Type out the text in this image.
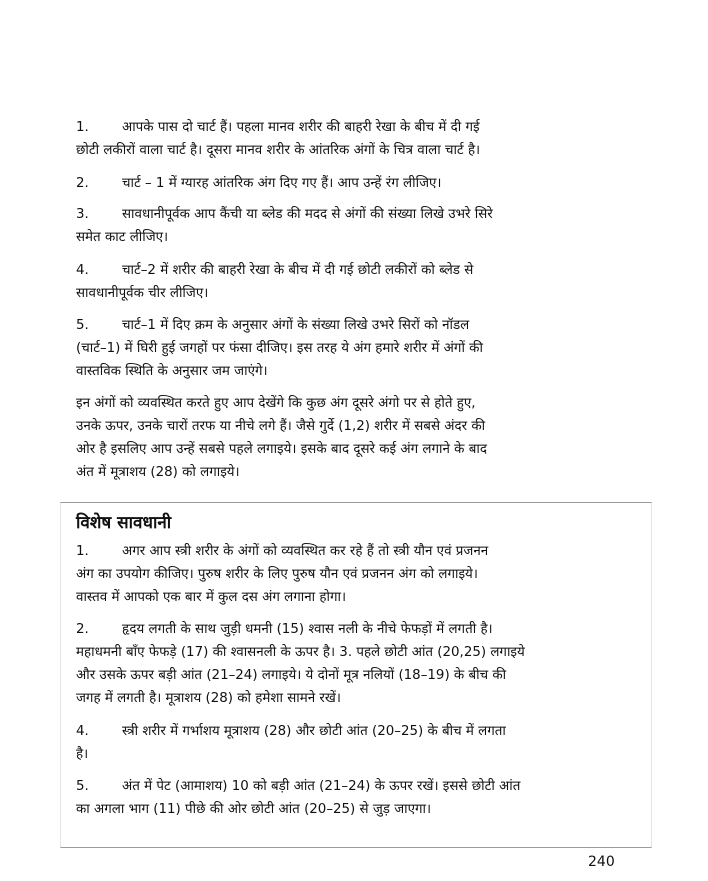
1. आपके पास दो चार्ट हैं। पहला मानव शरीर की बाहरी रेखा के बीच में दी गई
छोटी लकीरों वाला चार्ट है। दूसरा मानव शरीर के आंतरिक अंगों के चित्र वाला चार्ट है।

2. चार्ट – 1 में ग्यारह आंतरिक अंग दिए गए हैं। आप उन्हें रंग लीजिए।

3. सावधानीपूर्वक आप कैंची या ब्लेड की मदद से अंगों की संख्या लिखे उभरे सिरे
समेत काट लीजिए।

4. चार्ट–2 में शरीर की बाहरी रेखा के बीच में दी गई छोटी लकीरों को ब्लेड से
सावधानीपूर्वक चीर लीजिए।

5. चार्ट–1 में दिए क्रम के अनुसार अंगों के संख्या लिखे उभरे सिरों को नॉडल
(चार्ट–1) में घिरी हुई जगहों पर फंसा दीजिए। इस तरह ये अंग हमारे शरीर में अंगों की
वास्तविक स्थिति के अनुसार जम जाएंगे।

इन अंगों को व्यवस्थित करते हुए आप देखेंगे कि कुछ अंग दूसरे अंगो पर से होते हुए,
उनके ऊपर, उनके चारों तरफ या नीचे लगे हैं। जैसे गुर्दे (1,2) शरीर में सबसे अंदर की
ओर है इसलिए आप उन्हें सबसे पहले लगाइये। इसके बाद दूसरे कई अंग लगाने के बाद
अंत में मूत्राशय (28) को लगाइये।

विशेष सावधानी

1. अगर आप स्त्री शरीर के अंगों को व्यवस्थित कर रहे हैं तो स्त्री यौन एवं प्रजनन
अंग का उपयोग कीजिए। पुरुष शरीर के लिए पुरुष यौन एवं प्रजनन अंग को लगाइये।
वास्तव में आपको एक बार में कुल दस अंग लगाना होगा।

2. हृदय लगती के साथ जुड़ी धमनी (15) श्वास नली के नीचे फेफड़ों में लगती है।
महाधमनी बाँए फेफड़े (17) की श्वासनली के ऊपर है। 3. पहले छोटी आंत (20,25) लगाइये
और उसके ऊपर बड़ी आंत (21–24) लगाइये। ये दोनों मूत्र नलियों (18–19) के बीच की
जगह में लगती है। मूत्राशय (28) को हमेशा सामने रखें।

4. स्त्री शरीर में गर्भाशय मूत्राशय (28) और छोटी आंत (20–25) के बीच में लगता
है।

5. अंत में पेट (आमाशय) 10 को बड़ी आंत (21–24) के ऊपर रखें। इससे छोटी आंत
का अगला भाग (11) पीछे की ओर छोटी आंत (20–25) से जुड़ जाएगा।

240
